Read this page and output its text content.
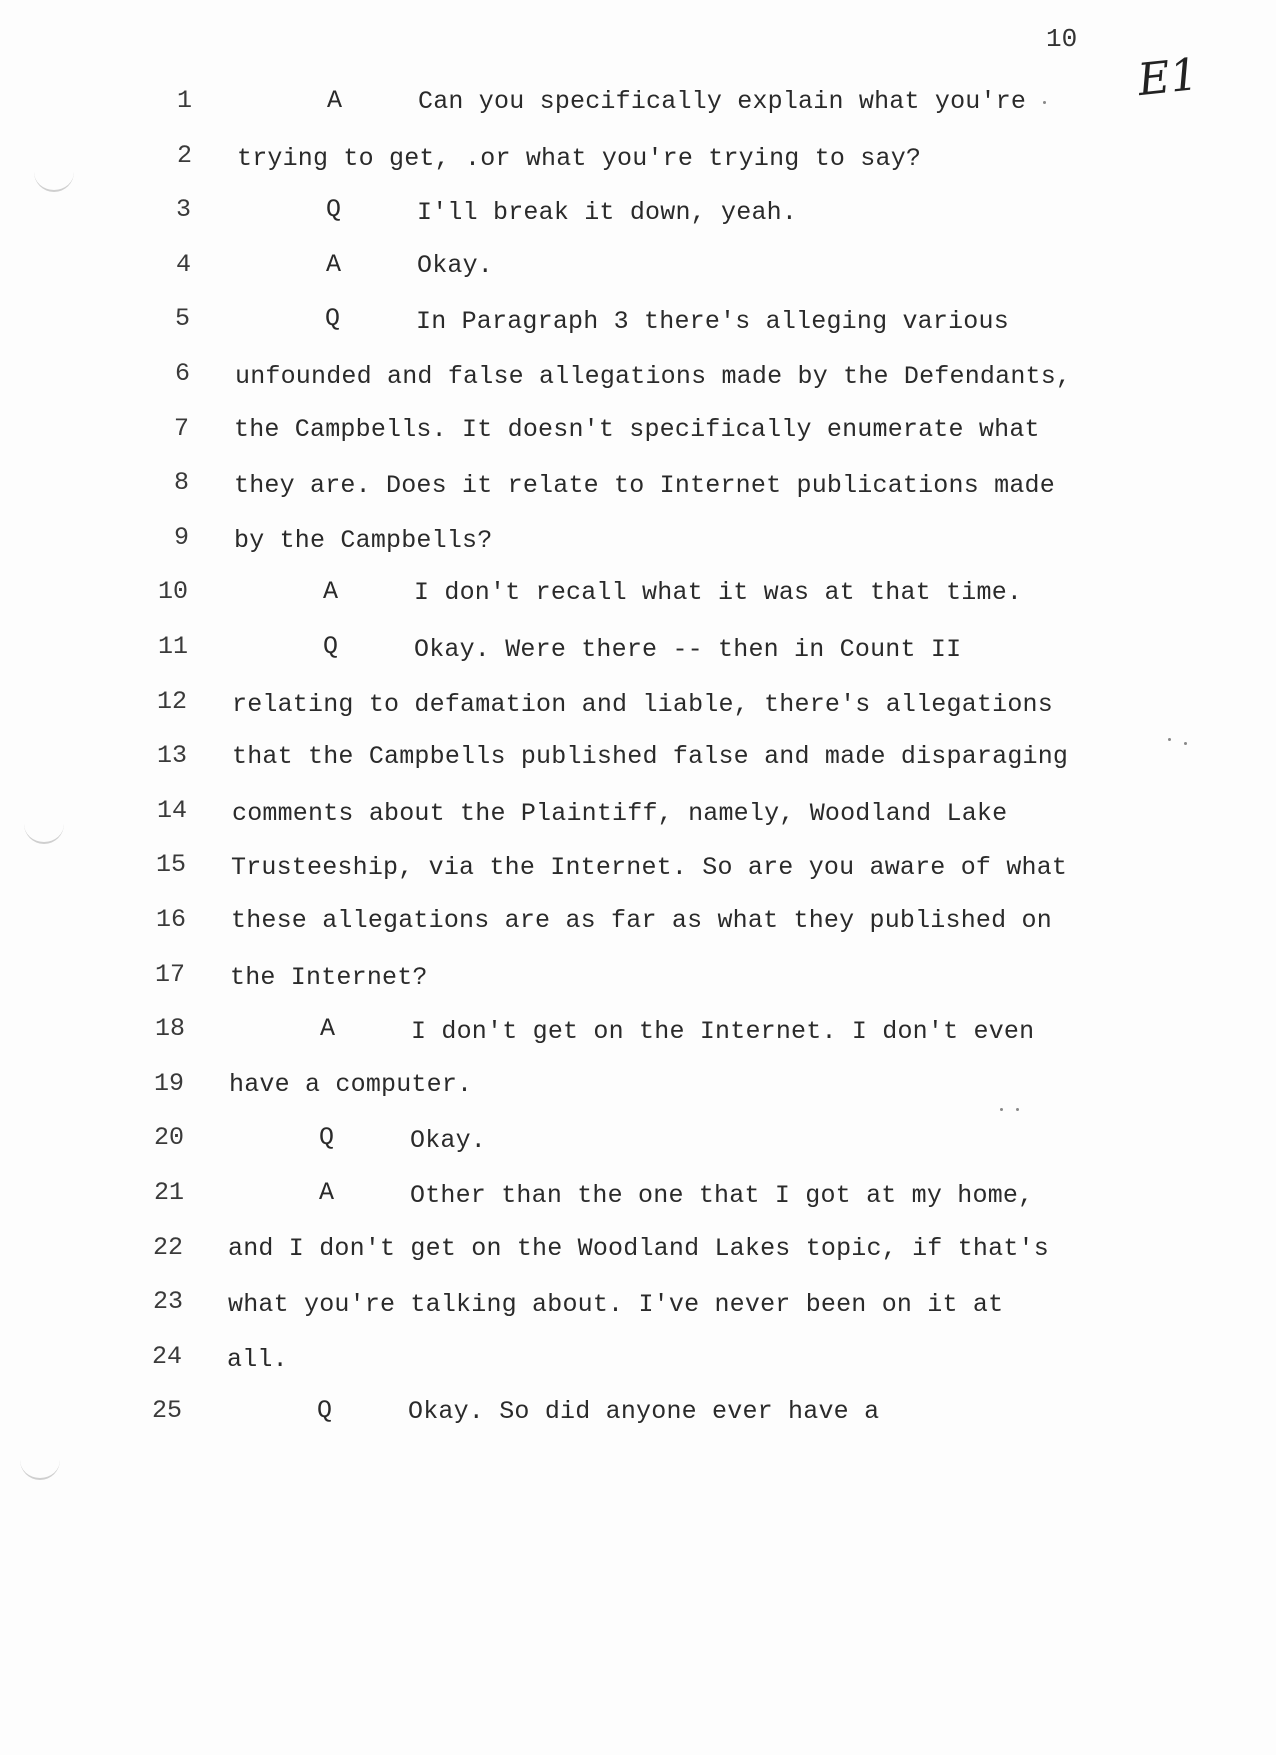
10
E1
1	A	Can you specifically explain what you're
2 trying to get, .or what you're trying to say?
3	Q	I'll break it down, yeah.
4	A	Okay.
5	Q	In Paragraph 3 there's alleging various
6 unfounded and false allegations made by the Defendants,
7 the Campbells. It doesn't specifically enumerate what
8 they are. Does it relate to Internet publications made
9 by the Campbells?
10	A	I don't recall what it was at that time.
11	Q	Okay. Were there -- then in Count II
12 relating to defamation and liable, there's allegations
13 that the Campbells published false and made disparaging
14 comments about the Plaintiff, namely, Woodland Lake
15 Trusteeship, via the Internet. So are you aware of what
16 these allegations are as far as what they published on
17 the Internet?
18	A	I don't get on the Internet. I don't even
19 have a computer.
20	Q	Okay.
21	A	Other than the one that I got at my home,
22 and I don't get on the Woodland Lakes topic, if that's
23 what you're talking about. I've never been on it at
24 all.
25	Q	Okay. So did anyone ever have a
